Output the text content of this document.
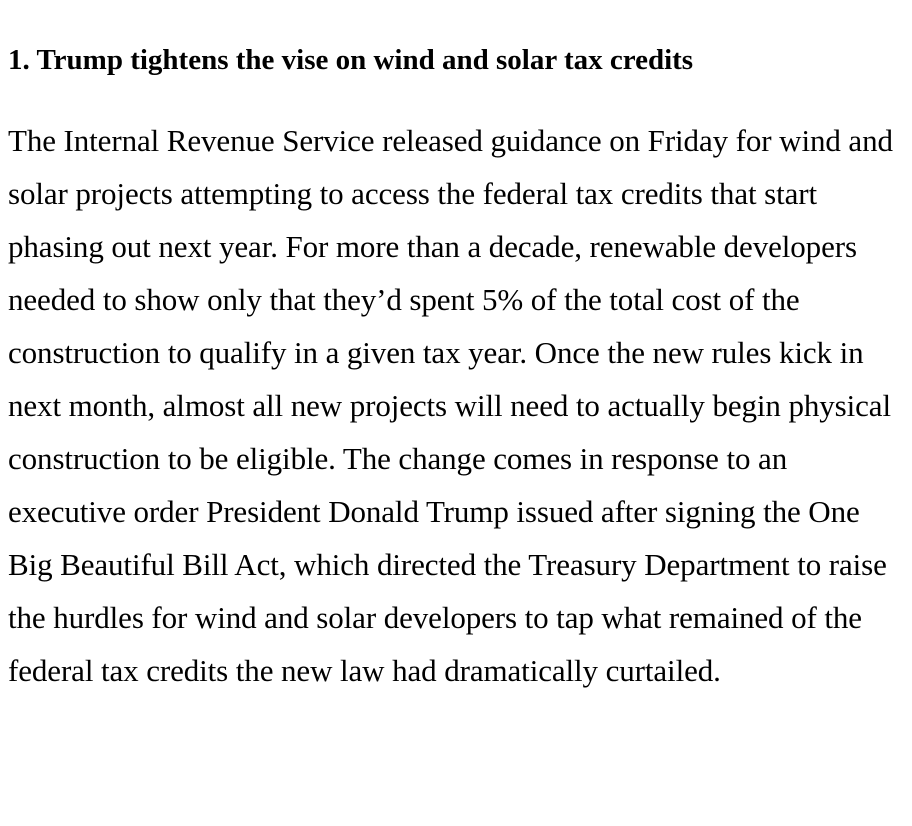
1. Trump tightens the vise on wind and solar tax credits

The Internal Revenue Service released guidance on Friday for wind and solar projects attempting to access the federal tax credits that start phasing out next year. For more than a decade, renewable developers needed to show only that they’d spent 5% of the total cost of the construction to qualify in a given tax year. Once the new rules kick in next month, almost all new projects will need to actually begin physical construction to be eligible. The change comes in response to an executive order President Donald Trump issued after signing the One Big Beautiful Bill Act, which directed the Treasury Department to raise the hurdles for wind and solar developers to tap what remained of the federal tax credits the new law had dramatically curtailed.
